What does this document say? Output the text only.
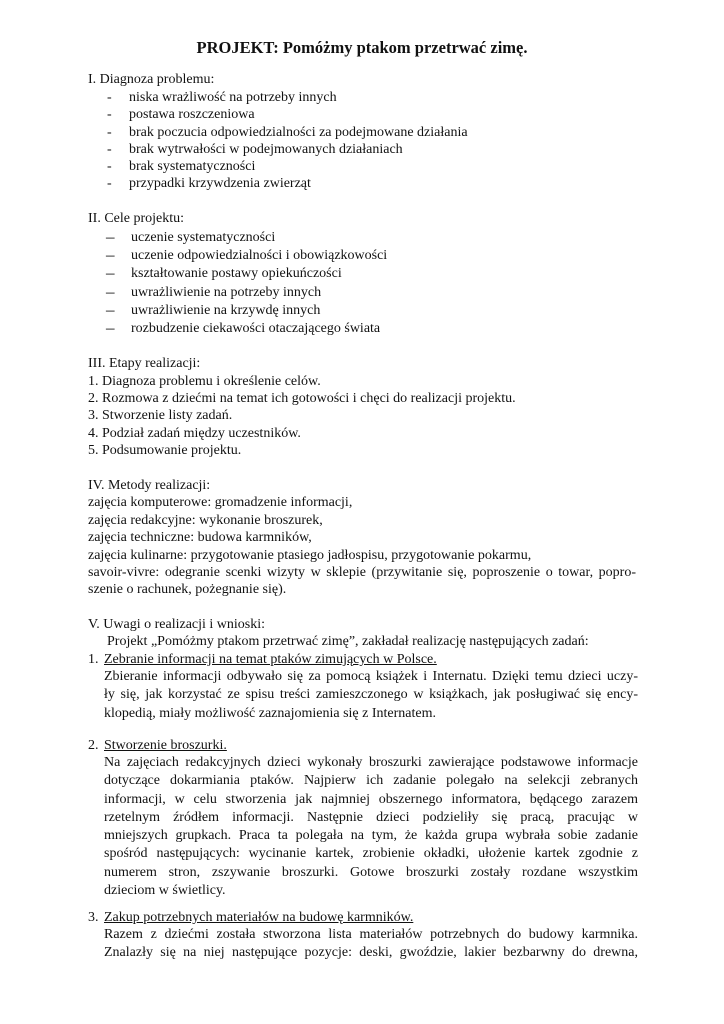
PROJEKT: Pomóżmy ptakom przetrwać zimę.
I. Diagnoza problemu:
- niska wrażliwość na potrzeby innych
- postawa roszczeniowa
- brak poczucia odpowiedzialności za podejmowane działania
- brak wytrwałości w podejmowanych działaniach
- brak systematyczności
- przypadki krzywdzenia zwierząt
II. Cele projektu:
– uczenie systematyczności
– uczenie odpowiedzialności i obowiązkowości
– kształtowanie postawy opiekuńczości
– uwrażliwienie na potrzeby innych
– uwrażliwienie na krzywdę innych
– rozbudzenie ciekawości otaczającego świata
III. Etapy realizacji:
1. Diagnoza problemu i określenie celów.
2. Rozmowa z dziećmi na temat ich gotowości i chęci do realizacji projektu.
3. Stworzenie listy zadań.
4. Podział zadań między uczestników.
5. Podsumowanie projektu.
IV. Metody realizacji:
zajęcia komputerowe: gromadzenie informacji,
zajęcia redakcyjne: wykonanie broszurek,
zajęcia techniczne: budowa karmników,
zajęcia kulinarne: przygotowanie ptasiego jadłospisu, przygotowanie pokarmu,
savoir-vivre: odegranie scenki wizyty w sklepie (przywitanie się, poproszenie o towar, popro-
szenie o rachunek, pożegnanie się).
V. Uwagi o realizacji i wnioski:
Projekt „Pomóżmy ptakom przetrwać zimę”, zakładał realizację następujących zadań:
1. Zebranie informacji na temat ptaków zimujących w Polsce.
Zbieranie informacji odbywało się za pomocą książek i Internatu. Dzięki temu dzieci uczy-
ły się, jak korzystać ze spisu treści zamieszczonego w książkach, jak posługiwać się ency-
klopedią, miały możliwość zaznajomienia się z Internatem.
2. Stworzenie broszurki.
Na zajęciach redakcyjnych dzieci wykonały broszurki zawierające podstawowe informacje
dotyczące dokarmiania ptaków. Najpierw ich zadanie polegało na selekcji zebranych
informacji, w celu stworzenia jak najmniej obszernego informatora, będącego zarazem
rzetelnym źródłem informacji. Następnie dzieci podzieliły się pracą, pracując w
mniejszych grupkach. Praca ta polegała na tym, że każda grupa wybrała sobie zadanie
spośród następujących: wycinanie kartek, zrobienie okładki, ułożenie kartek zgodnie z
numerem stron, zszywanie broszurki. Gotowe broszurki zostały rozdane wszystkim
dzieciom w świetlicy.
3. Zakup potrzebnych materiałów na budowę karmników.
Razem z dziećmi została stworzona lista materiałów potrzebnych do budowy karmnika.
Znalazły się na niej następujące pozycje: deski, gwoździe, lakier bezbarwny do drewna,
